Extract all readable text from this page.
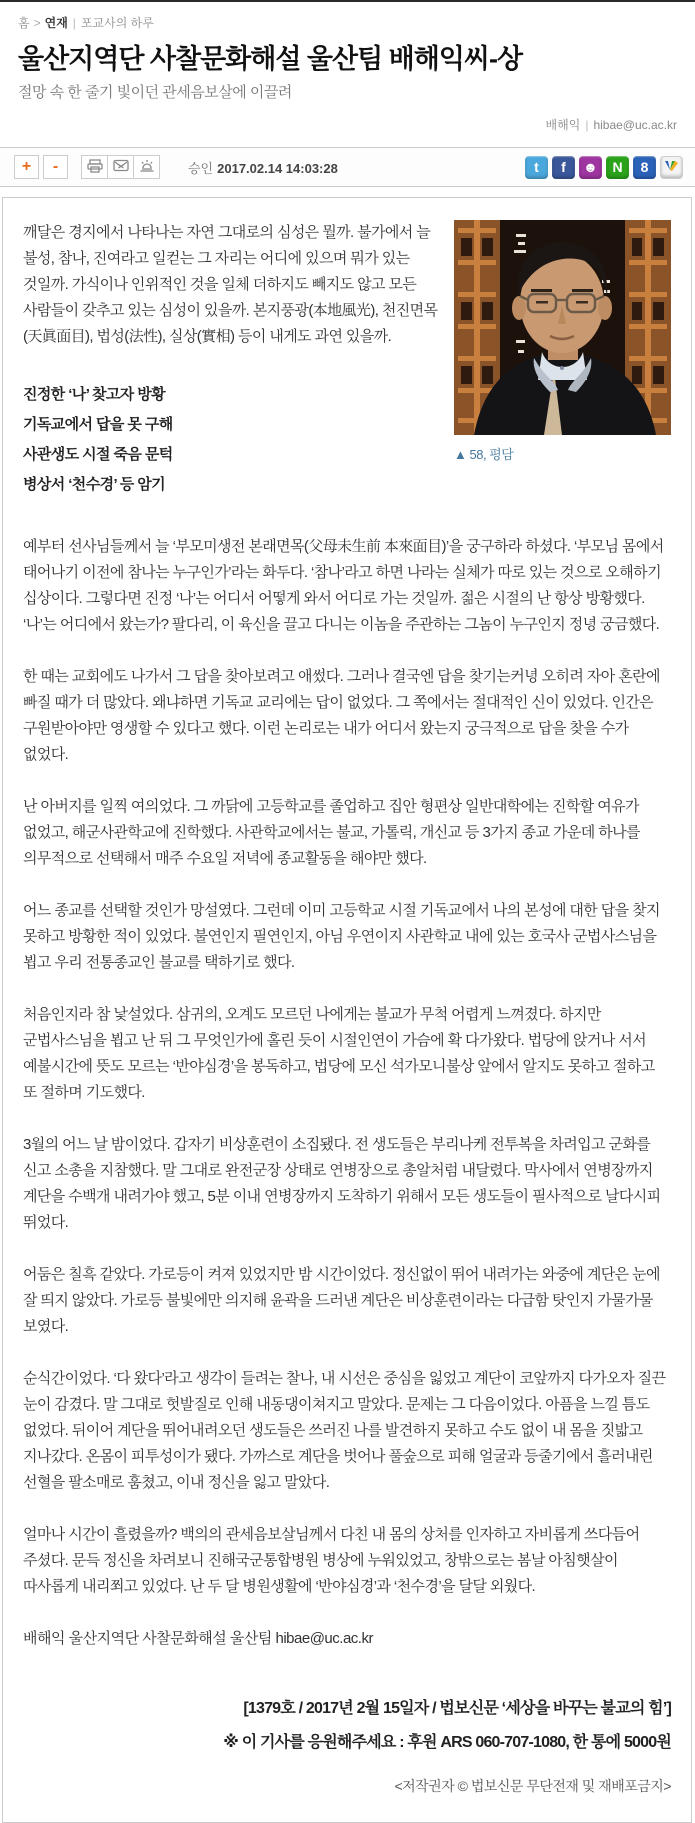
홈 > 연재 | 포교사의 하루
울산지역단 사찰문화해설 울산팀 배해익씨-상
절망 속 한 줄기 빛이던 관세음보살에 이끌려
배해익 | hibae@uc.ac.kr
+	-	승인 2017.02.14 14:03:28	t f ☻ N 8
▲ 58, 평담

깨달은 경지에서 나타나는 자연 그대로의 심성은 뭘까. 불가에서 늘 불성, 참나, 진여라고 일컫는 그 자리는 어디에 있으며 뭐가 있는 것일까. 가식이나 인위적인 것을 일체 더하지도 빼지도 않고 모든 사람들이 갖추고 있는 심성이 있을까. 본지풍광(本地風光), 천진면목(天眞面目), 법성(法性), 실상(實相) 등이 내게도 과연 있을까.

진정한 ‘나’ 찾고자 방황
기독교에서 답을 못 구해
사관생도 시절 죽음 문턱
병상서 ‘천수경’ 등 암기

예부터 선사님들께서 늘 ‘부모미생전 본래면목(父母未生前 本來面目)’을 궁구하라 하셨다. ‘부모님 몸에서 태어나기 이전에 참나는 누구인가’라는 화두다. ‘참나’라고 하면 나라는 실체가 따로 있는 것으로 오해하기 십상이다. 그렇다면 진정 ‘나’는 어디서 어떻게 와서 어디로 가는 것일까. 젊은 시절의 난 항상 방황했다. ‘나’는 어디에서 왔는가? 팔다리, 이 육신을 끌고 다니는 이놈을 주관하는 그놈이 누구인지 정녕 궁금했다.

한 때는 교회에도 나가서 그 답을 찾아보려고 애썼다. 그러나 결국엔 답을 찾기는커녕 오히려 자아 혼란에 빠질 때가 더 많았다. 왜냐하면 기독교 교리에는 답이 없었다. 그 쪽에서는 절대적인 신이 있었다. 인간은 구원받아야만 영생할 수 있다고 했다. 이런 논리로는 내가 어디서 왔는지 궁극적으로 답을 찾을 수가 없었다.

난 아버지를 일찍 여의었다. 그 까닭에 고등학교를 졸업하고 집안 형편상 일반대학에는 진학할 여유가 없었고, 해군사관학교에 진학했다. 사관학교에서는 불교, 가톨릭, 개신교 등 3가지 종교 가운데 하나를 의무적으로 선택해서 매주 수요일 저녁에 종교활동을 해야만 했다.

어느 종교를 선택할 것인가 망설였다. 그런데 이미 고등학교 시절 기독교에서 나의 본성에 대한 답을 찾지 못하고 방황한 적이 있었다. 불연인지 필연인지, 아님 우연이지 사관학교 내에 있는 호국사 군법사스님을 뵙고 우리 전통종교인 불교를 택하기로 했다.

처음인지라 참 낯설었다. 삼귀의, 오계도 모르던 나에게는 불교가 무척 어렵게 느껴졌다. 하지만 군법사스님을 뵙고 난 뒤 그 무엇인가에 홀린 듯이 시절인연이 가슴에 확 다가왔다. 법당에 앉거나 서서 예불시간에 뜻도 모르는 ‘반야심경’을 봉독하고, 법당에 모신 석가모니불상 앞에서 알지도 못하고 절하고 또 절하며 기도했다.

3월의 어느 날 밤이었다. 갑자기 비상훈련이 소집됐다. 전 생도들은 부리나케 전투복을 차려입고 군화를 신고 소총을 지참했다. 말 그대로 완전군장 상태로 연병장으로 총알처럼 내달렸다. 막사에서 연병장까지 계단을 수백개 내려가야 했고, 5분 이내 연병장까지 도착하기 위해서 모든 생도들이 필사적으로 날다시피 뛰었다.

어둠은 칠흑 같았다. 가로등이 켜져 있었지만 밤 시간이었다. 정신없이 뛰어 내려가는 와중에 계단은 눈에 잘 띄지 않았다. 가로등 불빛에만 의지해 윤곽을 드러낸 계단은 비상훈련이라는 다급함 탓인지 가물가물 보였다.

순식간이었다. ‘다 왔다’라고 생각이 들려는 찰나, 내 시선은 중심을 잃었고 계단이 코앞까지 다가오자 질끈 눈이 감겼다. 말 그대로 헛발질로 인해 내동댕이쳐지고 말았다. 문제는 그 다음이었다. 아픔을 느낄 틈도 없었다. 뒤이어 계단을 뛰어내려오던 생도들은 쓰러진 나를 발견하지 못하고 수도 없이 내 몸을 짓밟고 지나갔다. 온몸이 피투성이가 됐다. 가까스로 계단을 벗어나 풀숲으로 피해 얼굴과 등줄기에서 흘러내린 선혈을 팔소매로 훔쳤고, 이내 정신을 잃고 말았다.

얼마나 시간이 흘렸을까? 백의의 관세음보살님께서 다친 내 몸의 상처를 인자하고 자비롭게 쓰다듬어 주셨다. 문득 정신을 차려보니 진해국군통합병원 병상에 누워있었고, 창밖으로는 봄날 아침햇살이 따사롭게 내리쬐고 있었다. 난 두 달 병원생활에 ‘반야심경’과 ‘천수경’을 달달 외웠다.

배해익 울산지역단 사찰문화해설 울산팀 hibae@uc.ac.kr

[1379호 / 2017년 2월 15일자 / 법보신문 ‘세상을 바꾸는 불교의 힘’]
※ 이 기사를 응원해주세요 : 후원 ARS 060-707-1080, 한 통에 5000원
<저작권자 © 법보신문 무단전재 및 재배포금지>
